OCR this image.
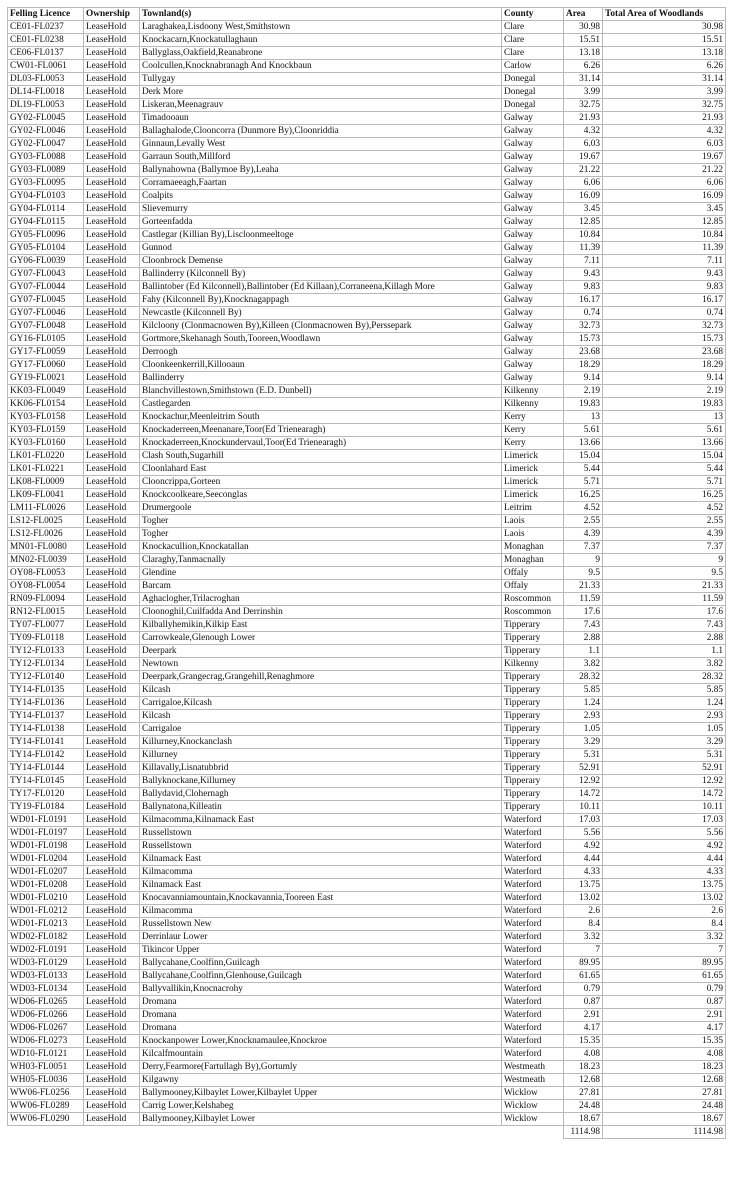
Felling Licence	Ownership	Townland(s)	County	Area	Total Area of Woodlands
CE01-FL0237	LeaseHold	Laraghakea,Lisdoony West,Smithstown	Clare	30.98	30.98
CE01-FL0238	LeaseHold	Knockacarn,Knockatullaghaun	Clare	15.51	15.51
CE06-FL0137	LeaseHold	Ballyglass,Oakfield,Reanabrone	Clare	13.18	13.18
CW01-FL0061	LeaseHold	Coolcullen,Knocknabranagh And Knockbaun	Carlow	6.26	6.26
DL03-FL0053	LeaseHold	Tullygay	Donegal	31.14	31.14
DL14-FL0018	LeaseHold	Derk More	Donegal	3.99	3.99
DL19-FL0053	LeaseHold	Liskeran,Meenagrauv	Donegal	32.75	32.75
GY02-FL0045	LeaseHold	Timadooaun	Galway	21.93	21.93
GY02-FL0046	LeaseHold	Ballaghalode,Clooncorra (Dunmore By),Cloonriddia	Galway	4.32	4.32
GY02-FL0047	LeaseHold	Ginnaun,Levally West	Galway	6.03	6.03
GY03-FL0088	LeaseHold	Garraun South,Millford	Galway	19.67	19.67
GY03-FL0089	LeaseHold	Ballynahowna (Ballymoe By),Leaha	Galway	21.22	21.22
GY03-FL0095	LeaseHold	Corramaeeagh,Faartan	Galway	6.06	6.06
GY04-FL0103	LeaseHold	Coalpits	Galway	16.09	16.09
GY04-FL0114	LeaseHold	Slievemurry	Galway	3.45	3.45
GY04-FL0115	LeaseHold	Gorteenfadda	Galway	12.85	12.85
GY05-FL0096	LeaseHold	Castlegar (Killian By),Liscloonmeeltoge	Galway	10.84	10.84
GY05-FL0104	LeaseHold	Gunnod	Galway	11.39	11.39
GY06-FL0039	LeaseHold	Cloonbrock Demense	Galway	7.11	7.11
GY07-FL0043	LeaseHold	Ballinderry (Kilconnell By)	Galway	9.43	9.43
GY07-FL0044	LeaseHold	Ballintober (Ed Kilconnell),Ballintober (Ed Killaan),Corraneena,Killagh More	Galway	9.83	9.83
GY07-FL0045	LeaseHold	Fahy (Kilconnell By),Knocknagappagh	Galway	16.17	16.17
GY07-FL0046	LeaseHold	Newcastle (Kilconnell By)	Galway	0.74	0.74
GY07-FL0048	LeaseHold	Kilcloony (Clonmacnowen By),Killeen (Clonmacnowen By),Perssepark	Galway	32.73	32.73
GY16-FL0105	LeaseHold	Gortmore,Skehanagh South,Tooreen,Woodlawn	Galway	15.73	15.73
GY17-FL0059	LeaseHold	Derroogh	Galway	23.68	23.68
GY17-FL0060	LeaseHold	Cloonkeenkerrill,Killooaun	Galway	18.29	18.29
GY19-FL0021	LeaseHold	Ballinderry	Galway	9.14	9.14
KK03-FL0049	LeaseHold	Blanchvillestown,Smithstown (E.D. Dunbell)	Kilkenny	2.19	2.19
KK06-FL0154	LeaseHold	Castlegarden	Kilkenny	19.83	19.83
KY03-FL0158	LeaseHold	Knockachur,Meenleitrim South	Kerry	13	13
KY03-FL0159	LeaseHold	Knockaderreen,Meenanare,Toor(Ed Trienearagh)	Kerry	5.61	5.61
KY03-FL0160	LeaseHold	Knockaderreen,Knockundervaul,Toor(Ed Trienearagh)	Kerry	13.66	13.66
LK01-FL0220	LeaseHold	Clash South,Sugarhill	Limerick	15.04	15.04
LK01-FL0221	LeaseHold	Cloonlahard East	Limerick	5.44	5.44
LK08-FL0009	LeaseHold	Clooncrippa,Gorteen	Limerick	5.71	5.71
LK09-FL0041	LeaseHold	Knockcoolkeare,Seeconglas	Limerick	16.25	16.25
LM11-FL0026	LeaseHold	Drumergoole	Leitrim	4.52	4.52
LS12-FL0025	LeaseHold	Togher	Laois	2.55	2.55
LS12-FL0026	LeaseHold	Togher	Laois	4.39	4.39
MN01-FL0080	LeaseHold	Knockacullion,Knockatallan	Monaghan	7.37	7.37
MN02-FL0039	LeaseHold	Claraghy,Tanmacnally	Monaghan	9	9
OY08-FL0053	LeaseHold	Glendine	Offaly	9.5	9.5
OY08-FL0054	LeaseHold	Barcam	Offaly	21.33	21.33
RN09-FL0094	LeaseHold	Aghaclogher,Trilacroghan	Roscommon	11.59	11.59
RN12-FL0015	LeaseHold	Cloonoghil,Cuilfadda And Derrinshin	Roscommon	17.6	17.6
TY07-FL0077	LeaseHold	Kilballyhemikin,Kilkip East	Tipperary	7.43	7.43
TY09-FL0118	LeaseHold	Carrowkeale,Glenough Lower	Tipperary	2.88	2.88
TY12-FL0133	LeaseHold	Deerpark	Tipperary	1.1	1.1
TY12-FL0134	LeaseHold	Newtown	Kilkenny	3.82	3.82
TY12-FL0140	LeaseHold	Deerpark,Grangecrag,Grangehill,Renaghmore	Tipperary	28.32	28.32
TY14-FL0135	LeaseHold	Kilcash	Tipperary	5.85	5.85
TY14-FL0136	LeaseHold	Carrigaloe,Kilcash	Tipperary	1.24	1.24
TY14-FL0137	LeaseHold	Kilcash	Tipperary	2.93	2.93
TY14-FL0138	LeaseHold	Carrigaloe	Tipperary	1.05	1.05
TY14-FL0141	LeaseHold	Killurney,Knockanclash	Tipperary	3.29	3.29
TY14-FL0142	LeaseHold	Killurney	Tipperary	5.31	5.31
TY14-FL0144	LeaseHold	Killavally,Lisnatubbrid	Tipperary	52.91	52.91
TY14-FL0145	LeaseHold	Ballyknockane,Killurney	Tipperary	12.92	12.92
TY17-FL0120	LeaseHold	Ballydavid,Clohernagh	Tipperary	14.72	14.72
TY19-FL0184	LeaseHold	Ballynatona,Killeatin	Tipperary	10.11	10.11
WD01-FL0191	LeaseHold	Kilmacomma,Kilnamack East	Waterford	17.03	17.03
WD01-FL0197	LeaseHold	Russellstown	Waterford	5.56	5.56
WD01-FL0198	LeaseHold	Russellstown	Waterford	4.92	4.92
WD01-FL0204	LeaseHold	Kilnamack East	Waterford	4.44	4.44
WD01-FL0207	LeaseHold	Kilmacomma	Waterford	4.33	4.33
WD01-FL0208	LeaseHold	Kilnamack East	Waterford	13.75	13.75
WD01-FL0210	LeaseHold	Knocavanniamountain,Knockavannia,Tooreen East	Waterford	13.02	13.02
WD01-FL0212	LeaseHold	Kilmacomma	Waterford	2.6	2.6
WD01-FL0213	LeaseHold	Russellstown New	Waterford	8.4	8.4
WD02-FL0182	LeaseHold	Derrinlaur Lower	Waterford	3.32	3.32
WD02-FL0191	LeaseHold	Tikincor Upper	Waterford	7	7
WD03-FL0129	LeaseHold	Ballycahane,Coolfinn,Guilcagh	Waterford	89.95	89.95
WD03-FL0133	LeaseHold	Ballycahane,Coolfinn,Glenhouse,Guilcagh	Waterford	61.65	61.65
WD03-FL0134	LeaseHold	Ballyvallikin,Knocnacrohy	Waterford	0.79	0.79
WD06-FL0265	LeaseHold	Dromana	Waterford	0.87	0.87
WD06-FL0266	LeaseHold	Dromana	Waterford	2.91	2.91
WD06-FL0267	LeaseHold	Dromana	Waterford	4.17	4.17
WD06-FL0273	LeaseHold	Knockanpower Lower,Knocknamaulee,Knockroe	Waterford	15.35	15.35
WD10-FL0121	LeaseHold	Kilcalfmountain	Waterford	4.08	4.08
WH03-FL0051	LeaseHold	Derry,Fearmore(Fartullagh By),Gortumly	Westmeath	18.23	18.23
WH05-FL0036	LeaseHold	Kilgawny	Westmeath	12.68	12.68
WW06-FL0256	LeaseHold	Ballymooney,Kilbaylet Lower,Kilbaylet Upper	Wicklow	27.81	27.81
WW06-FL0289	LeaseHold	Carrig Lower,Kelshabeg	Wicklow	24.48	24.48
WW06-FL0290	LeaseHold	Ballymooney,Kilbaylet Lower	Wicklow	18.67	18.67
				1114.98	1114.98
